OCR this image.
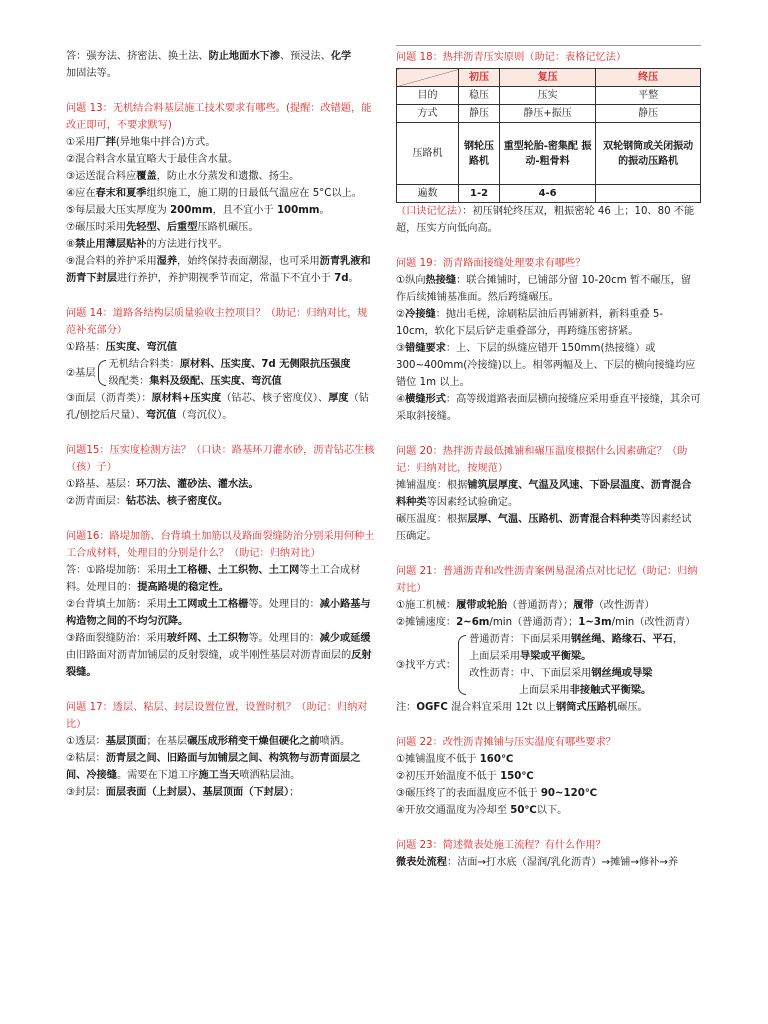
答：强夯法、挤密法、换土法、防止地面水下渗、预浸法、化学
加固法等。

问题 13：无机结合料基层施工技术要求有哪些。(提醒：改错题，能改正即可，不要求默写)

①采用厂拌(异地集中拌合)方式。

②混合料含水量宜略大于最佳含水量。

③运送混合料应覆盖，防止水分蒸发和遗撒、扬尘。

④应在春末和夏季组织施工，施工期的日最低气温应在 5°C以上。

⑤每层最大压实厚度为 200mm，且不宜小于 100mm。

⑦碾压时采用先轻型、后重型压路机碾压。

⑧禁止用薄层贴补的方法进行找平。

⑨混合料的养护采用湿养，始终保持表面潮湿，也可采用沥青乳液和沥青下封层进行养护，养护期视季节而定，常温下不宜小于 7d。

问题 14：道路各结构层质量验收主控项目？（助记：归纳对比，规范补充部分）

①路基：压实度、弯沉值

②基层

无机结合料类：原材料、压实度、7d 无侧限抗压强度

级配类：集料及级配、压实度、弯沉值

③面层（沥青类）：原材料+压实度（钻芯、核子密度仪）、厚度（钻孔/刨挖后尺量）、弯沉值（弯沉仪）。

问题15：压实度检测方法？（口诀：路基环刀灌水砂，沥青钻芯生核（孩）子）

①路基、基层：环刀法、灌砂法、灌水法。

②沥青面层：钻芯法、核子密度仪。

问题16：路堤加筋、台背填土加筋以及路面裂缝防治分别采用何种土工合成材料，处理目的分别是什么？（助记：归纳对比）

答：①路堤加筋：采用土工格栅、土工织物、土工网等土工合成材料。处理目的：提高路堤的稳定性。

②台背填土加筋：采用土工网或土工格栅等。处理目的：减小路基与构造物之间的不均匀沉降。

③路面裂缝防治：采用玻纤网、土工织物等。处理目的：减少或延缓由旧路面对沥青加铺层的反射裂缝，或半刚性基层对沥青面层的反射裂缝。

问题 17：透层、粘层、封层设置位置，设置时机？（助记：归纳对比）

①透层：基层顶面；在基层碾压成形稍变干燥但硬化之前喷洒。

②粘层：沥青层之间、旧路面与加铺层之间、构筑物与沥青面层之间、冷接缝。需要在下道工序施工当天喷洒粘层油。

③封层：面层表面（上封层）、基层顶面（下封层）；

问题 18：热拌沥青压实原则（助记：表格记忆法）

	初压	复压	终压
目的	稳压	压实	平整
方式	静压	静压+振压	静压
压路机	钢轮压路机	重型轮胎-密集配 振动-粗骨料	双轮钢筒或关闭振动的振动压路机
遍数	1-2	4-6	

（口诀记忆法）：初压钢轮终压双，粗振密轮 46 上；10、80 不能超，压实方向低向高。

问题 19：沥青路面接缝处理要求有哪些？

①纵向热接缝：联合摊铺时，已铺部分留 10-20cm 暂不碾压，留作后续摊铺基准面。然后跨缝碾压。

②冷接缝：抛出毛槎，涂刷粘层油后再铺新料，新料重叠 5-10cm，软化下层后铲走重叠部分，再跨缝压密挤紧。

③错缝要求：上、下层的纵缝应错开 150mm(热接缝）或 300~400mm(冷接缝)以上。相邻两幅及上、下层的横向接缝均应错位 1m 以上。

④横缝形式：高等级道路表面层横向接缝应采用垂直平接缝，其余可采取斜接缝。

问题 20：热拌沥青最低摊铺和碾压温度根据什么因素确定？（助记：归纳对比，按规范）

摊铺温度：根据铺筑层厚度、气温及风速、下卧层温度、沥青混合料种类等因素经试验确定。

碾压温度：根据层厚、气温、压路机、沥青混合料种类等因素经试压确定。

问题 21：普通沥青和改性沥青案例易混淆点对比记忆（助记：归纳对比）

①施工机械：履带或轮胎（普通沥青）；履带（改性沥青）

②摊铺速度：2~6m/min（普通沥青）；1~3m/min（改性沥青）

③找平方式：

普通沥青：下面层采用钢丝绳、路缘石、平石，

上面层采用导梁或平衡梁。

改性沥青：中、下面层采用钢丝绳或导梁

上面层采用非接触式平衡梁。

注：OGFC 混合料宜采用 12t 以上钢筒式压路机碾压。

问题 22：改性沥青摊铺与压实温度有哪些要求？

①摊铺温度不低于 160℃

②初压开始温度不低于 150℃

③碾压终了的表面温度应不低于 90~120℃

④开放交通温度为冷却至 50℃以下。

问题 23：简述微表处施工流程？有什么作用？

微表处流程：洁面→打水底（湿润/乳化沥青）→摊铺→修补→养
